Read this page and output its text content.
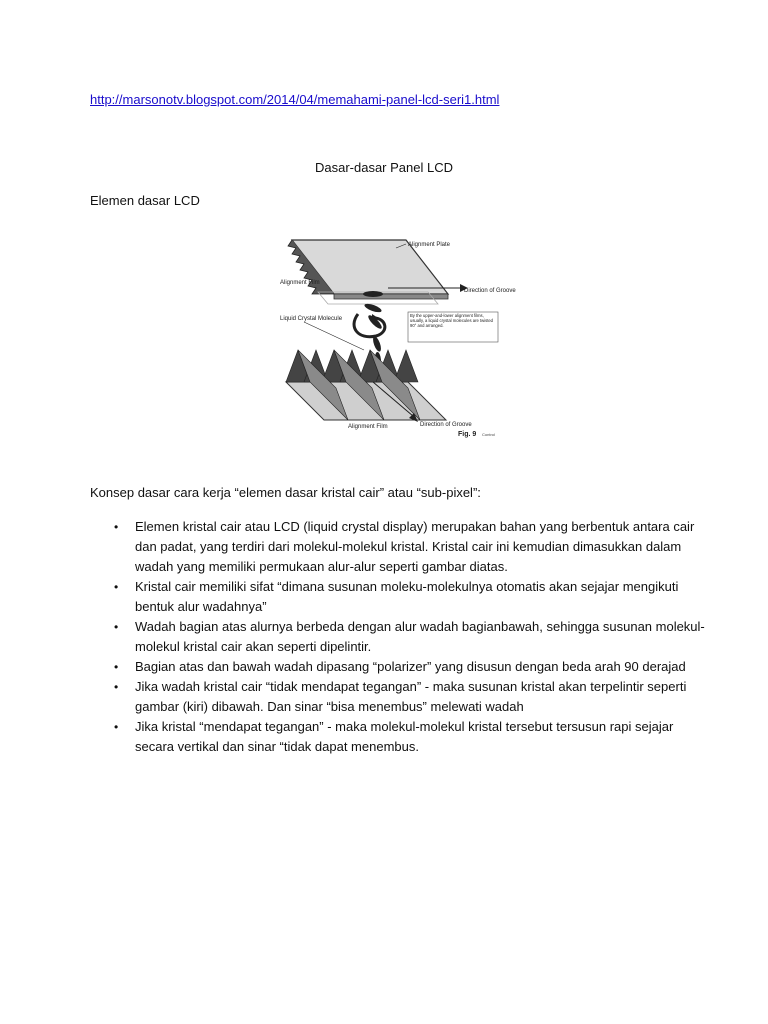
http://marsonotv.blogspot.com/2014/04/memahami-panel-lcd-seri1.html
Dasar-dasar Panel LCD
Elemen dasar LCD
Alignment Plate
Alignment Film
Direction of Groove
Liquid Crystal Molecule
By the upper-and-lower alignment films, usually, a liquid crystal molecules are twisted 90° and arranged.
Alignment Film	Direction of Groove
Fig. 9 Control
Konsep dasar cara kerja “elemen dasar kristal cair” atau “sub-pixel”:
• Elemen kristal cair atau LCD (liquid crystal display) merupakan bahan yang berbentuk antara cair dan padat, yang terdiri dari molekul-molekul kristal. Kristal cair ini kemudian dimasukkan dalam wadah yang memiliki permukaan alur-alur seperti gambar diatas.
• Kristal cair memiliki sifat “dimana susunan moleku-molekulnya otomatis akan sejajar mengikuti bentuk alur wadahnya”
• Wadah bagian atas alurnya berbeda dengan alur wadah bagianbawah, sehingga susunan molekul-molekul kristal cair akan seperti dipelintir.
• Bagian atas dan bawah wadah dipasang “polarizer” yang disusun dengan beda arah 90 derajad
• Jika wadah kristal cair “tidak mendapat tegangan” - maka susunan kristal akan terpelintir seperti gambar (kiri) dibawah. Dan sinar “bisa menembus” melewati wadah
• Jika kristal “mendapat tegangan” - maka molekul-molekul kristal tersebut tersusun rapi sejajar secara vertikal dan sinar “tidak dapat menembus.
